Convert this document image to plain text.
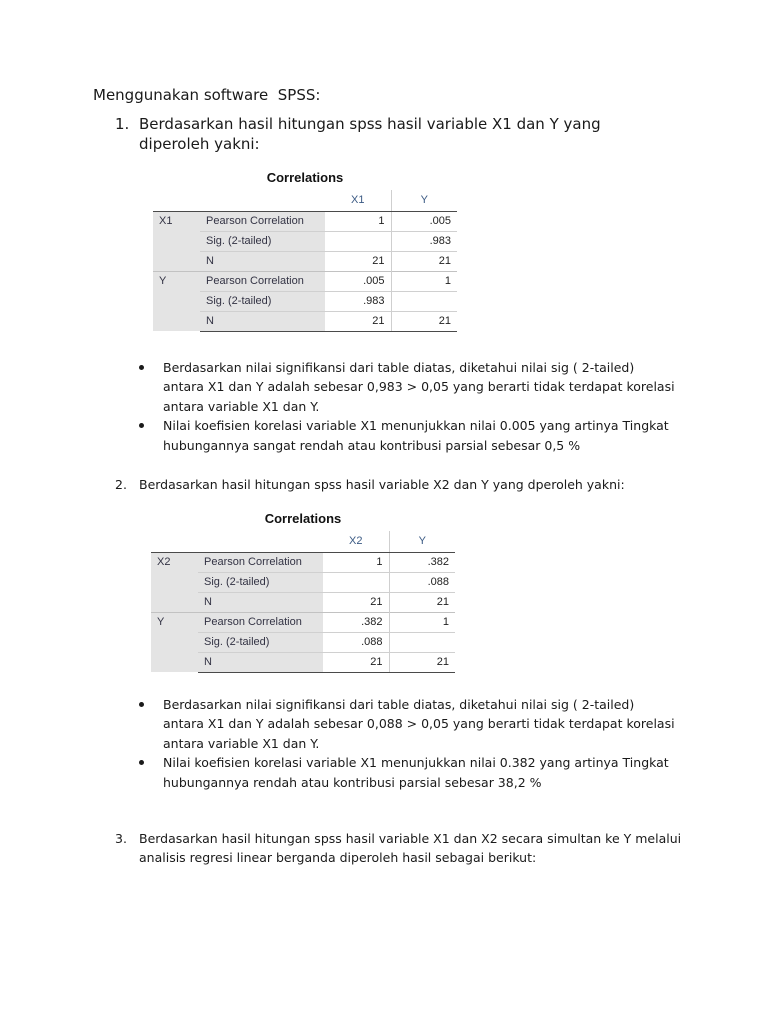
Menggunakan software  SPSS:
1. Berdasarkan hasil hitungan spss hasil variable X1 dan Y yang diperoleh yakni:
Correlations
		X1	Y
X1	Pearson Correlation	1	.005
	Sig. (2-tailed)		.983
	N	21	21
Y	Pearson Correlation	.005	1
	Sig. (2-tailed)	.983	
	N	21	21
Berdasarkan nilai signifikansi dari table diatas, diketahui nilai sig ( 2-tailed) antara X1 dan Y adalah sebesar 0,983 > 0,05 yang berarti tidak terdapat korelasi antara variable X1 dan Y.
Nilai koefisien korelasi variable X1 menunjukkan nilai 0.005 yang artinya Tingkat hubungannya sangat rendah atau kontribusi parsial sebesar 0,5 %
2. Berdasarkan hasil hitungan spss hasil variable X2 dan Y yang dperoleh yakni:
Correlations
		X2	Y
X2	Pearson Correlation	1	.382
	Sig. (2-tailed)		.088
	N	21	21
Y	Pearson Correlation	.382	1
	Sig. (2-tailed)	.088	
	N	21	21
Berdasarkan nilai signifikansi dari table diatas, diketahui nilai sig ( 2-tailed) antara X1 dan Y adalah sebesar 0,088 > 0,05 yang berarti tidak terdapat korelasi antara variable X1 dan Y.
Nilai koefisien korelasi variable X1 menunjukkan nilai 0.382 yang artinya Tingkat hubungannya rendah atau kontribusi parsial sebesar 38,2 %
3. Berdasarkan hasil hitungan spss hasil variable X1 dan X2 secara simultan ke Y melalui
analisis regresi linear berganda diperoleh hasil sebagai berikut:
